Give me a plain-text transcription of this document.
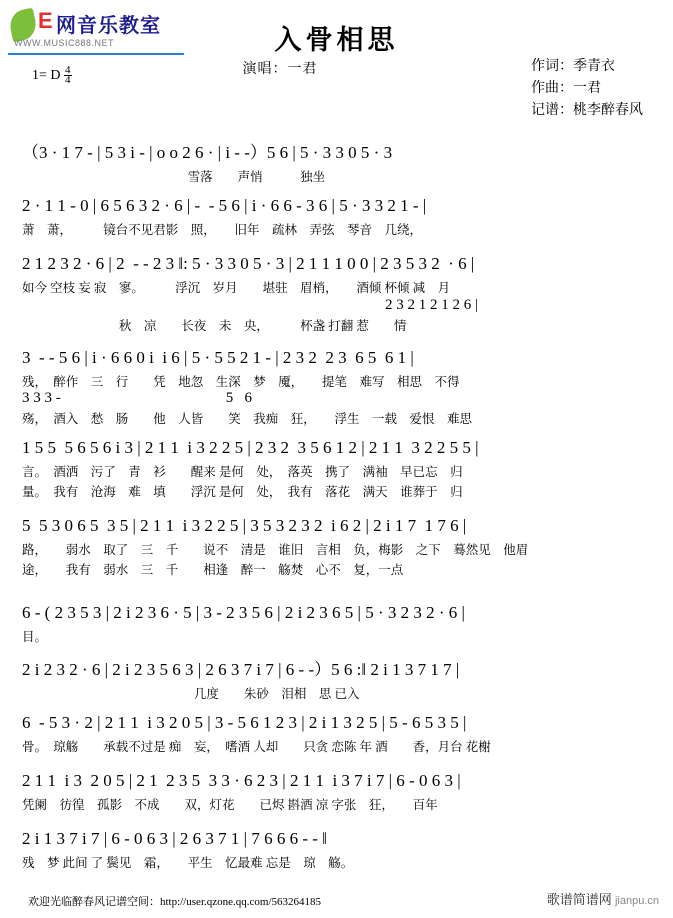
E 网音乐教室
WWW.MUSIC888.NET	入骨相思
演唱：一君	作词：季青衣
作曲：一君
记谱：桃李醉春风
1= D $\frac{4}{4}$
（3 · 1 7 - | 5 3 i - | o o 2 6 · | i - -）5 6 | 5 · 3 3 0 5 · 3
雪落　　声悄　　　独坐
2 · 1 1 - 0 | 6 5 6 3 2 · 6 | -  - 5 6 | i · 6 6 - 3 6 | 5 · 3 3 2 1 - |
萧　萧，　　　镜台不见君影　照，　　旧年　疏林　弄弦　琴音　几绕，
2 1 2 3 2 · 6 | 2  - - 2 3 ‖: 5 · 3 3 0 5 · 3 | 2 1 1 1 0 0 | 2 3 5 3 2  · 6 |
如今 空枝 妄 寂　寥。　　　浮沉　岁月　　堪驻　眉梢，　　酒倾 杯倾 减　月
2 3 2 1 2 1 2 6 |
秋　凉　　长夜　未　央，　　　杯盏 打翻 惹　　情
3  - - 5 6 | i · 6 6 0 i  i 6 | 5 · 5 5 2 1 - | 2 3 2  2 3  6 5  6 1 |
残，　醉作　三　行　　凭　地忽　生深　梦　魇，　　提笔　难写　相思　不得
3 3 3 -                                            5   6
殇，　酒入　愁　肠　　他　人皆　　笑　我痴　狂，　　浮生　一载　爱恨　难思
1 5 5  5 6 5 6 i 3 | 2 1 1  i 3 2 2 5 | 2 3 2  3 5 6 1 2 | 2 1 1  3 2 2 5 5 |
言。　酒洒　污了　青　衫　　醒来 是何　处，　落英　携了　满袖　早已忘　归
量。　我有　沧海　难　填　　浮沉 是何　处，　我有　落花　满天　谁葬于　归
5  5 3 0 6 5  3 5 | 2 1 1  i 3 2 2 5 | 3 5 3 2 3 2  i 6 2 | 2 i 1 7  1 7 6 |
路，　　弱水　取了　三　千　　说不　清是　谁旧　言相　负，梅影　之下　蓦然见　他眉
途，　　我有　弱水　三　千　　相逢　醉一　觞焚　心不　复，一点
6 - ( 2 3 5 3 | 2 i 2 3 6 · 5 | 3 - 2 3 5 6 | 2 i 2 3 6 5 | 5 · 3 2 3 2 · 6 |
目。
2 i 2 3 2 · 6 | 2 i 2 3 5 6 3 | 2 6 3 7 i 7 | 6 - -）5 6 :‖ 2 i 1 3 7 1 7 |
几度　　朱砂　泪相　思 已入
6  - 5 3 · 2 | 2 1 1  i 3 2 0 5 | 3 - 5 6 1 2 3 | 2 i 1 3 2 5 | 5 - 6 5 3 5 |
骨。　琼觞　　承载不过是 痴　妄，　嗜酒 人却　　只贪 恋陈 年 酒　　香，月台 花榭
2 1 1  i 3  2 0 5 | 2 1  2 3 5  3 3 · 6 2 3 | 2 1 1  i 3 7 i 7 | 6 - 0 6 3 |
凭阑　彷徨　孤影　不成　　双，灯花　　已烬 斟酒 凉 字张　狂，　　百年
2 i 1 3 7 i 7 | 6 - 0 6 3 | 2 6 3 7 1 | 7 6 6 6 - - ‖
残　梦 此间 了 鬓见　霜，　　平生　忆最难 忘是　琼　觞。
欢迎光临醉春风记谱空间：http://user.qzone.qq.com/563264185	歌谱简谱网 jianpu.cn
